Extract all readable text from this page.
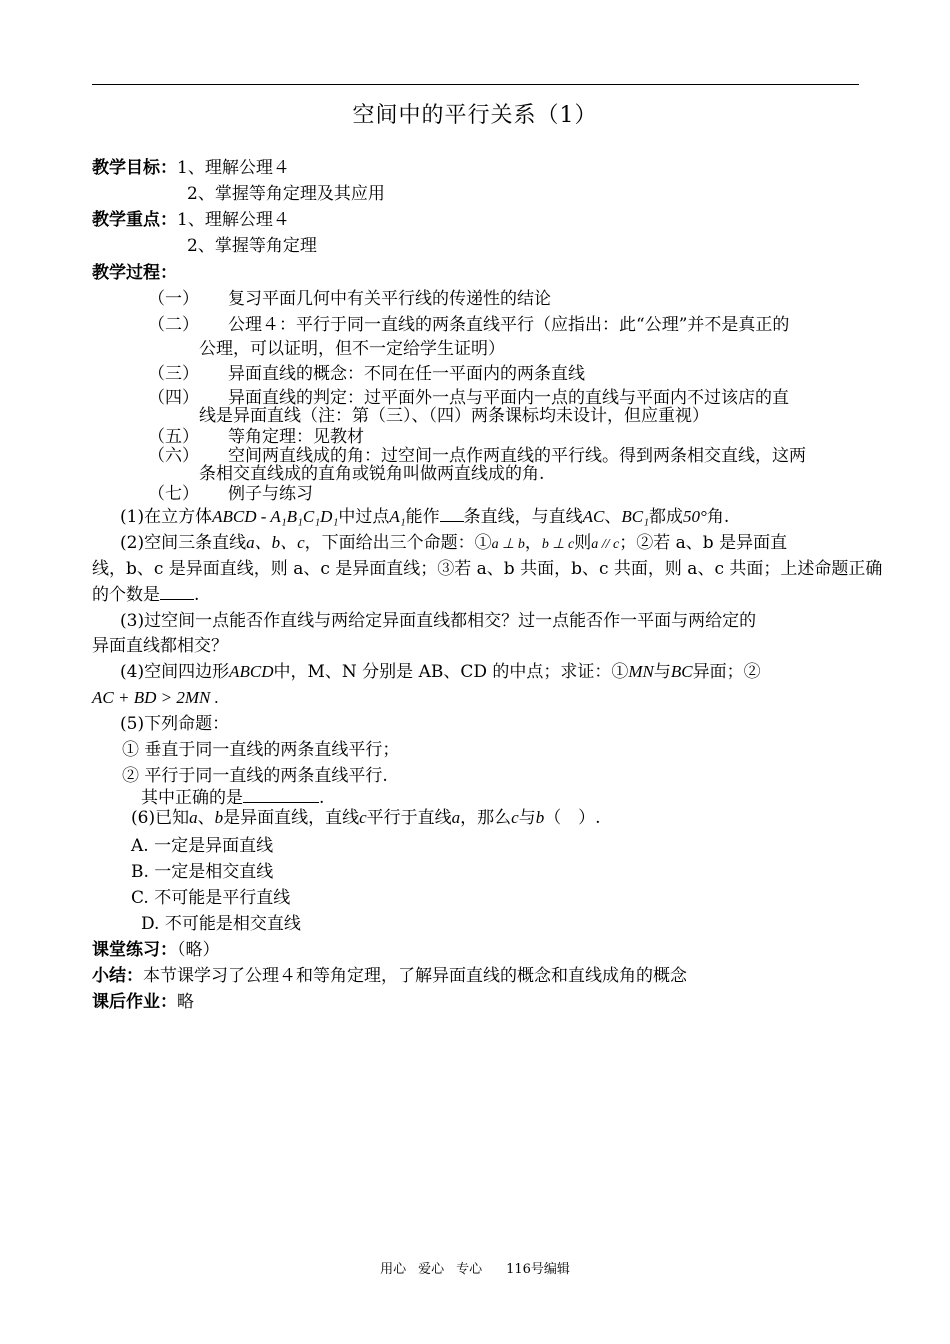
空间中的平行关系（1）
教学目标：1、理解公理４
2、掌握等角定理及其应用
教学重点：1、理解公理４
2、掌握等角定理
教学过程：
（一） 复习平面几何中有关平行线的传递性的结论
（二） 公理４：平行于同一直线的两条直线平行（应指出：此“公理”并不是真正的
公理，可以证明，但不一定给学生证明）
（三） 异面直线的概念：不同在任一平面内的两条直线
（四） 异面直线的判定：过平面外一点与平面内一点的直线与平面内不过该店的直
线是异面直线（注：第（三）、（四）两条课标均未设计，但应重视）
（五） 等角定理：见教材
（六） 空间两直线成的角：过空间一点作两直线的平行线。得到两条相交直线，这两
条相交直线成的直角或锐角叫做两直线成的角.
（七） 例子与练习
(1)在立方体ABCD - A₁B₁C₁D₁中过点A₁能作 条直线，与直线AC、BC₁都成50°角.
(2)空间三条直线a、b、c，下面给出三个命题：①a ⊥ b，b ⊥ c则a // c；②若 a、b 是异面直
线，b、c 是异面直线，则 a、c 是异面直线；③若 a、b 共面，b、c 共面，则 a、c 共面；上述命题正确
的个数是 .
(3)过空间一点能否作直线与两给定异面直线都相交？过一点能否作一平面与两给定的
异面直线都相交？
(4)空间四边形ABCD中，M、N 分别是 AB、CD 的中点；求证：①MN与BC异面；②
AC + BD > 2MN .
(5)下列命题：
① 垂直于同一直线的两条直线平行；
② 平行于同一直线的两条直线平行.
其中正确的是	.
(6)已知a、b是异面直线，直线c平行于直线a，那么c与b（　）.
A. 一定是异面直线
B. 一定是相交直线
C. 不可能是平行直线
D. 不可能是相交直线
课堂练习：（略）
小结：本节课学习了公理４和等角定理，了解异面直线的概念和直线成角的概念
课后作业：略
用心 爱心 专心 116号编辑
